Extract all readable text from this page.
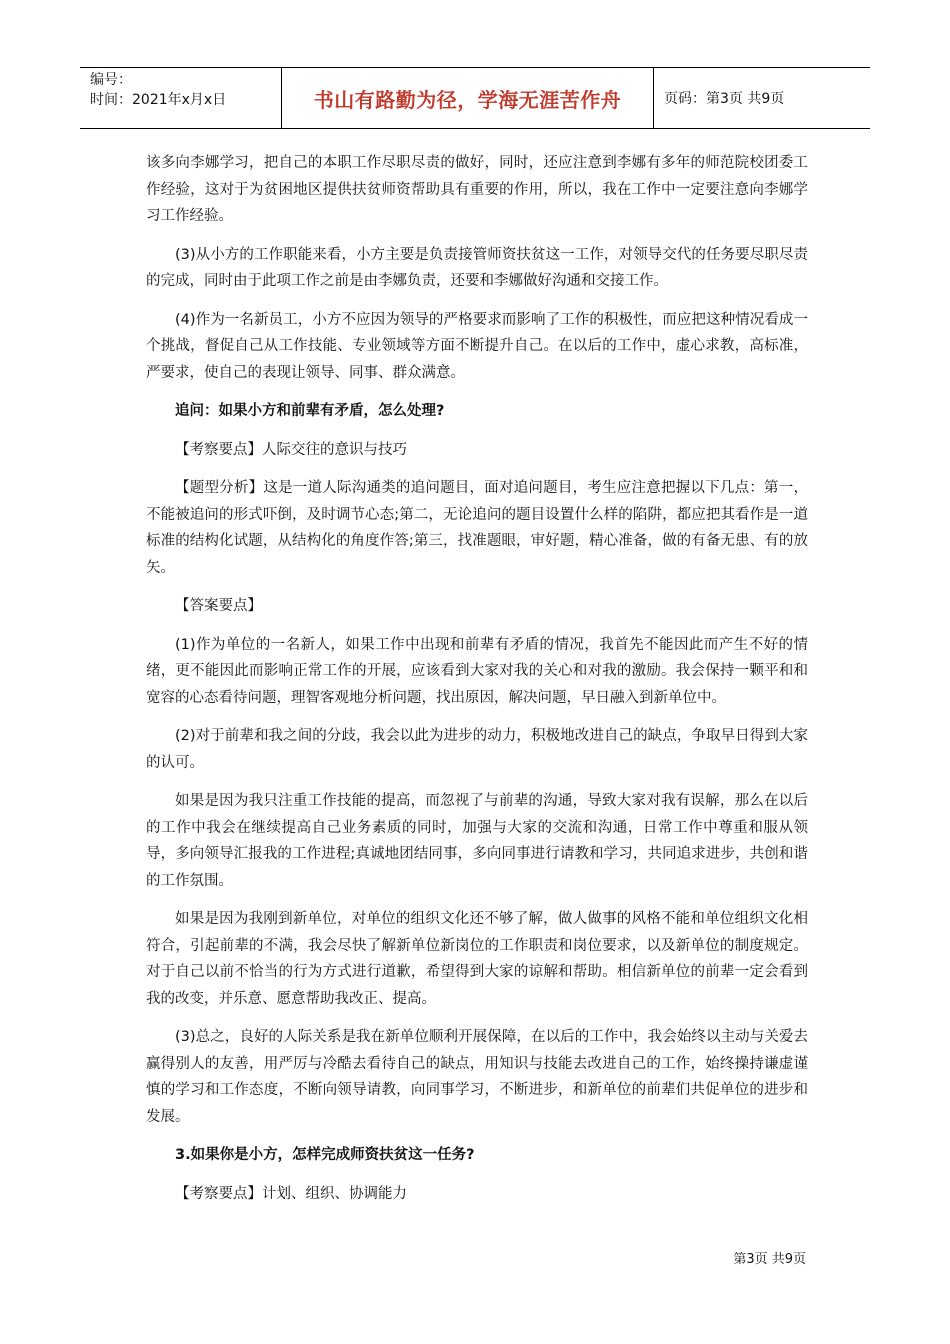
编号：
时间：2021年x月x日	书山有路勤为径，学海无涯苦作舟	页码：第3页 共9页

该多向李娜学习，把自己的本职工作尽职尽责的做好，同时，还应注意到李娜有多年的师范院校团委工作经验，这对于为贫困地区提供扶贫师资帮助具有重要的作用，所以，我在工作中一定要注意向李娜学习工作经验。

(3)从小方的工作职能来看，小方主要是负责接管师资扶贫这一工作，对领导交代的任务要尽职尽责的完成，同时由于此项工作之前是由李娜负责，还要和李娜做好沟通和交接工作。

(4)作为一名新员工，小方不应因为领导的严格要求而影响了工作的积极性，而应把这种情况看成一个挑战，督促自己从工作技能、专业领域等方面不断提升自己。在以后的工作中，虚心求教，高标准，严要求，使自己的表现让领导、同事、群众满意。

追问：如果小方和前辈有矛盾，怎么处理?

【考察要点】人际交往的意识与技巧

【题型分析】这是一道人际沟通类的追问题目，面对追问题目，考生应注意把握以下几点：第一，不能被追问的形式吓倒，及时调节心态;第二，无论追问的题目设置什么样的陷阱，都应把其看作是一道标准的结构化试题，从结构化的角度作答;第三，找准题眼，审好题，精心准备，做的有备无患、有的放矢。

【答案要点】

(1)作为单位的一名新人，如果工作中出现和前辈有矛盾的情况，我首先不能因此而产生不好的情绪，更不能因此而影响正常工作的开展，应该看到大家对我的关心和对我的激励。我会保持一颗平和和宽容的心态看待问题，理智客观地分析问题，找出原因，解决问题，早日融入到新单位中。

(2)对于前辈和我之间的分歧，我会以此为进步的动力，积极地改进自己的缺点，争取早日得到大家的认可。

如果是因为我只注重工作技能的提高，而忽视了与前辈的沟通，导致大家对我有误解，那么在以后的工作中我会在继续提高自己业务素质的同时，加强与大家的交流和沟通，日常工作中尊重和服从领导，多向领导汇报我的工作进程;真诚地团结同事，多向同事进行请教和学习，共同追求进步，共创和谐的工作氛围。

如果是因为我刚到新单位，对单位的组织文化还不够了解，做人做事的风格不能和单位组织文化相符合，引起前辈的不满，我会尽快了解新单位新岗位的工作职责和岗位要求，以及新单位的制度规定。对于自己以前不恰当的行为方式进行道歉，希望得到大家的谅解和帮助。相信新单位的前辈一定会看到我的改变，并乐意、愿意帮助我改正、提高。

(3)总之，良好的人际关系是我在新单位顺利开展保障，在以后的工作中，我会始终以主动与关爱去赢得别人的友善，用严厉与冷酷去看待自己的缺点，用知识与技能去改进自己的工作，始终操持谦虚谨慎的学习和工作态度，不断向领导请教，向同事学习，不断进步，和新单位的前辈们共促单位的进步和发展。

3.如果你是小方，怎样完成师资扶贫这一任务?

【考察要点】计划、组织、协调能力

第3页 共9页
